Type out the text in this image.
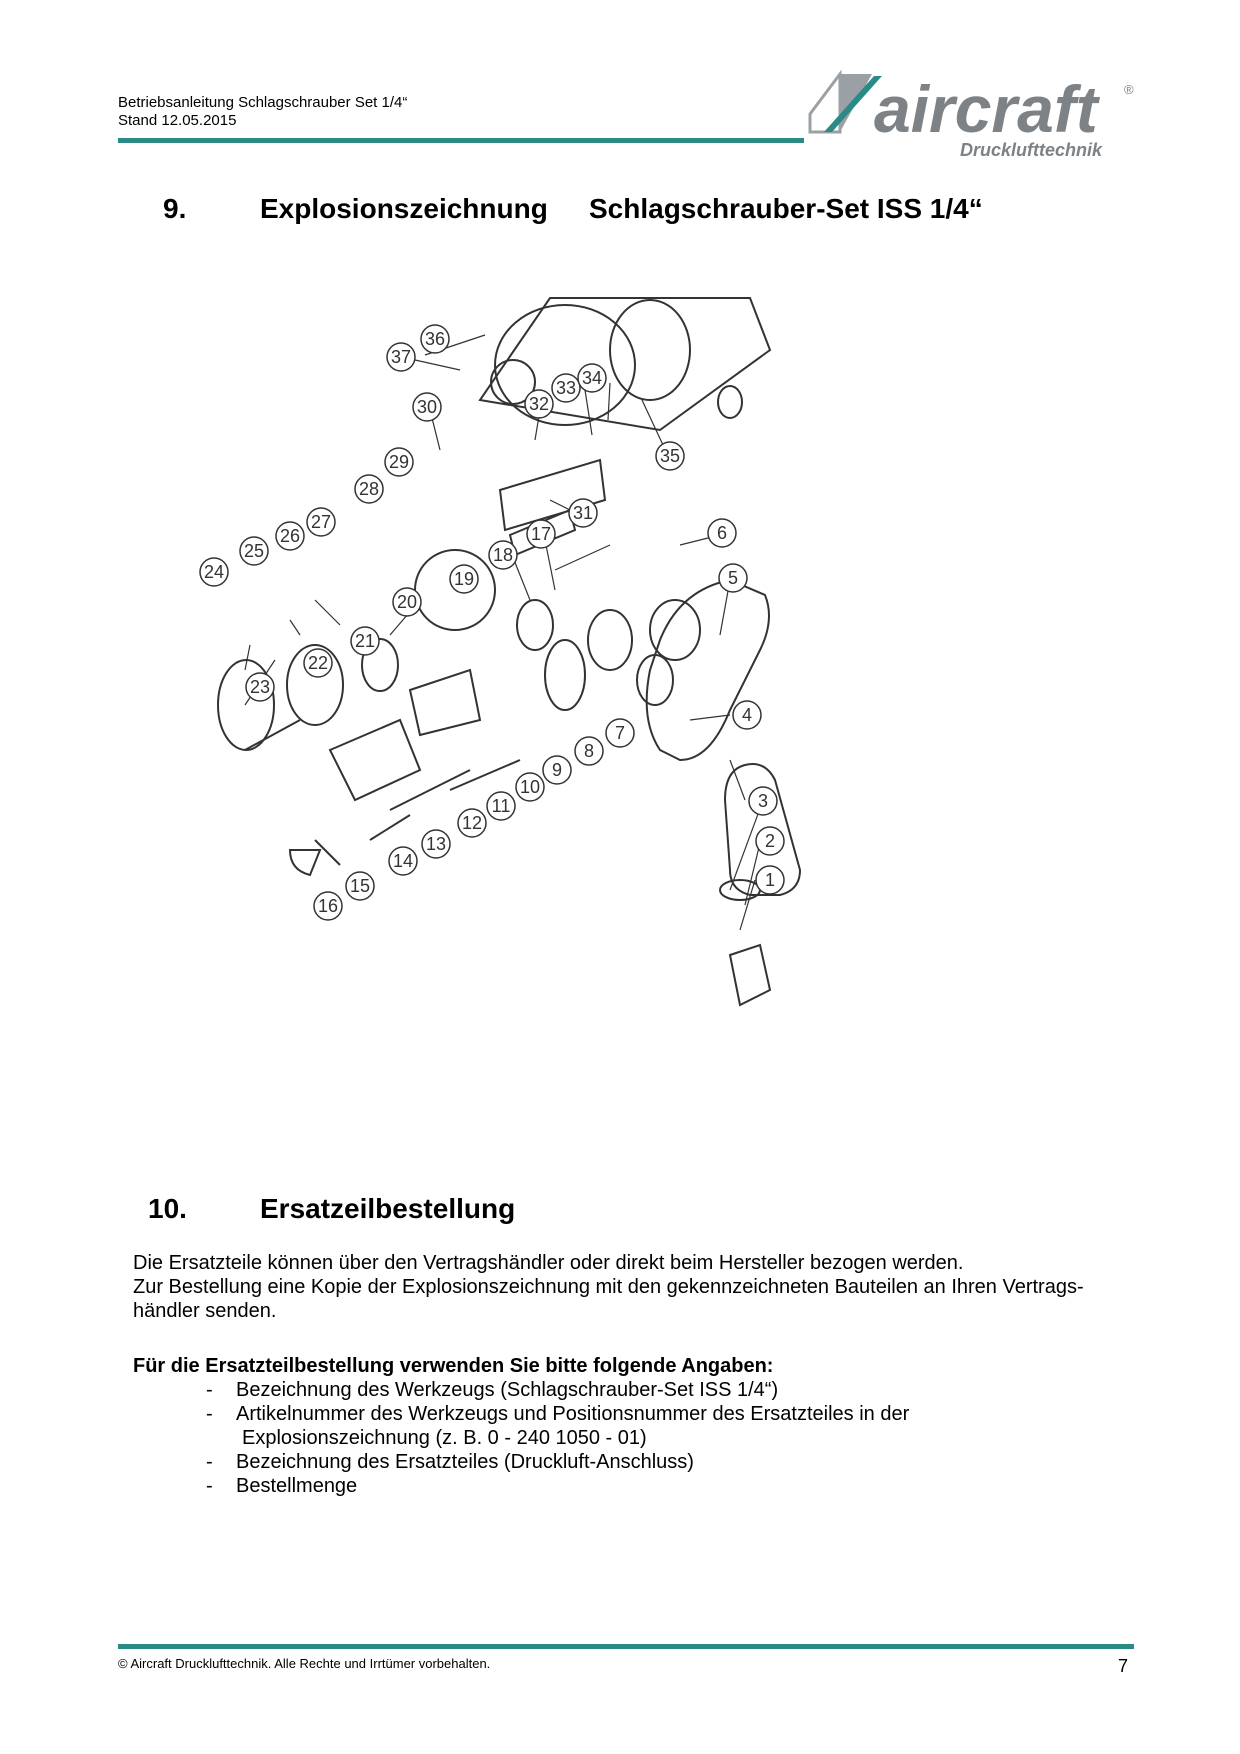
Betriebsanleitung Schlagschrauber Set 1/4“
Stand 12.05.2015	aircraft ®
Drucklufttechnik
9.	Explosionszeichnung Schlagschrauber-Set ISS 1/4“
1
2
3
4
5
6
7
8
9
10
11
12
13
14
15
16
17
18
19
20
21
22
23
24
25
26
27
28
29
30
31
32
33 34
35
36
37
10.	Ersatzeilbestellung

Die Ersatzteile können über den Vertragshändler oder direkt beim Hersteller bezogen werden.

Zur Bestellung eine Kopie der Explosionszeichnung mit den gekennzeichneten Bauteilen an Ihren Vertrags-

händler senden.

Für die Ersatzteilbestellung verwenden Sie bitte folgende Angaben:
-	Bezeichnung des Werkzeugs (Schlagschrauber-Set ISS 1/4“)
-	Artikelnummer des Werkzeugs und Positionsnummer des Ersatzteiles in der
Explosionszeichnung (z. B. 0 - 240 1050 - 01)
-	Bezeichnung des Ersatzteiles (Druckluft-Anschluss)
-	Bestellmenge
© Aircraft Drucklufttechnik. Alle Rechte und Irrtümer vorbehalten.	7
